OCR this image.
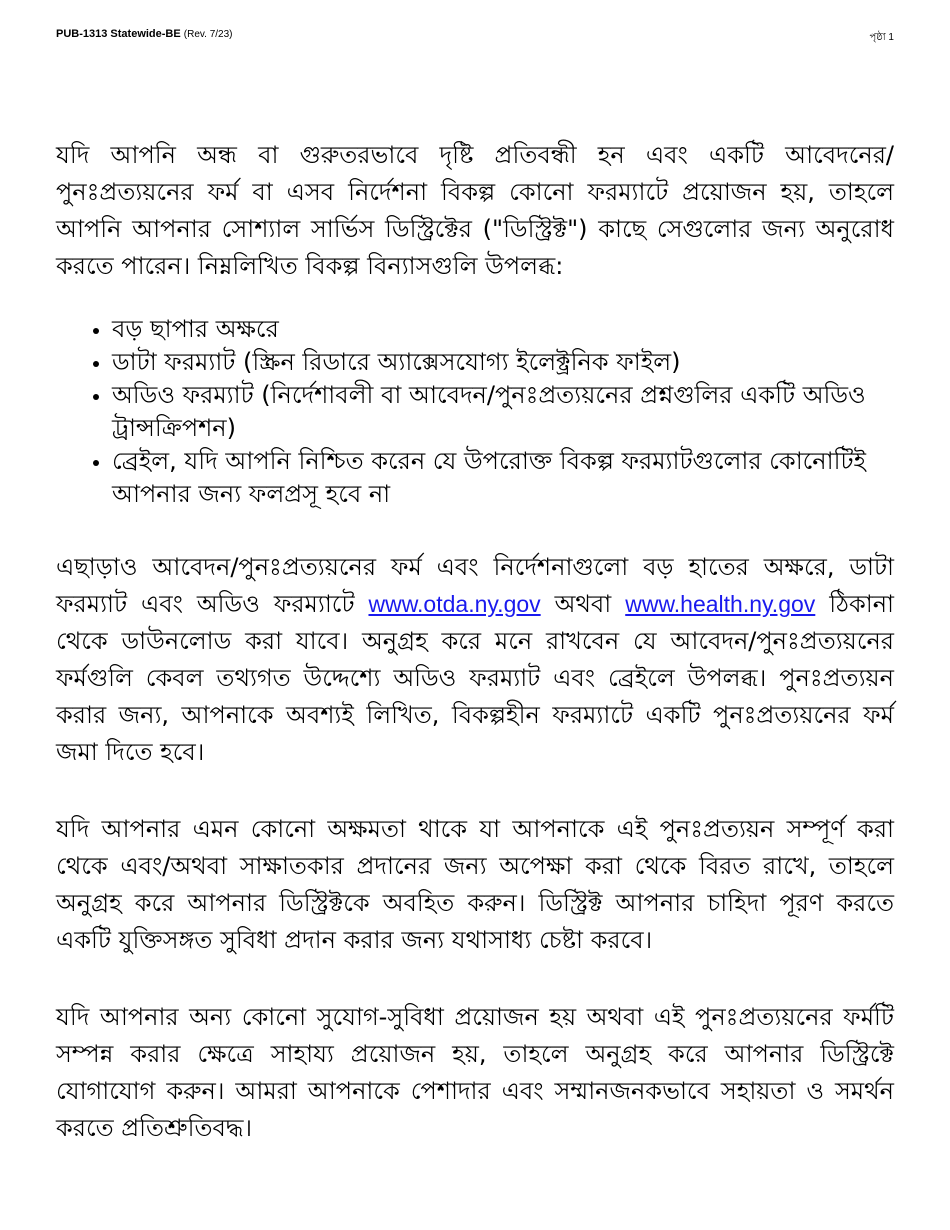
PUB-1313 Statewide-BE (Rev. 7/23)	পৃষ্ঠা 1

যদি আপনি অন্ধ বা গুরুতরভাবে দৃষ্টি প্রতিবন্ধী হন এবং একটি আবেদনের/পুনঃপ্রত্যয়নের ফর্ম বা এসব নির্দেশনা বিকল্প কোনো ফরম্যাটে প্রয়োজন হয়, তাহলে আপনি আপনার সোশ্যাল সার্ভিস ডিস্ট্রিক্টের ("ডিস্ট্রিক্ট") কাছে সেগুলোর জন্য অনুরোধ করতে পারেন। নিম্নলিখিত বিকল্প বিন্যাসগুলি উপলব্ধ:

• বড় ছাপার অক্ষরে
• ডাটা ফরম্যাট (স্ক্রিন রিডারে অ্যাক্সেসযোগ্য ইলেক্ট্রনিক ফাইল)
• অডিও ফরম্যাট (নির্দেশাবলী বা আবেদন/পুনঃপ্রত্যয়নের প্রশ্নগুলির একটি অডিও ট্রান্সক্রিপশন)
• ব্রেইল, যদি আপনি নিশ্চিত করেন যে উপরোক্ত বিকল্প ফরম্যাটগুলোর কোনোটিই আপনার জন্য ফলপ্রসূ হবে না

এছাড়াও আবেদন/পুনঃপ্রত্যয়নের ফর্ম এবং নির্দেশনাগুলো বড় হাতের অক্ষরে, ডাটা ফরম্যাট এবং অডিও ফরম্যাটে www.otda.ny.gov অথবা www.health.ny.gov ঠিকানা থেকে ডাউনলোড করা যাবে। অনুগ্রহ করে মনে রাখবেন যে আবেদন/পুনঃপ্রত্যয়নের ফর্মগুলি কেবল তথ্যগত উদ্দেশ্যে অডিও ফরম্যাট এবং ব্রেইলে উপলব্ধ। পুনঃপ্রত্যয়ন করার জন্য, আপনাকে অবশ্যই লিখিত, বিকল্পহীন ফরম্যাটে একটি পুনঃপ্রত্যয়নের ফর্ম জমা দিতে হবে।

যদি আপনার এমন কোনো অক্ষমতা থাকে যা আপনাকে এই পুনঃপ্রত্যয়ন সম্পূর্ণ করা থেকে এবং/অথবা সাক্ষাতকার প্রদানের জন্য অপেক্ষা করা থেকে বিরত রাখে, তাহলে অনুগ্রহ করে আপনার ডিস্ট্রিক্টকে অবহিত করুন। ডিস্ট্রিক্ট আপনার চাহিদা পূরণ করতে একটি যুক্তিসঙ্গত সুবিধা প্রদান করার জন্য যথাসাধ্য চেষ্টা করবে।

যদি আপনার অন্য কোনো সুযোগ-সুবিধা প্রয়োজন হয় অথবা এই পুনঃপ্রত্যয়নের ফর্মটি সম্পন্ন করার ক্ষেত্রে সাহায্য প্রয়োজন হয়, তাহলে অনুগ্রহ করে আপনার ডিস্ট্রিক্টে যোগাযোগ করুন। আমরা আপনাকে পেশাদার এবং সম্মানজনকভাবে সহায়তা ও সমর্থন করতে প্রতিশ্রুতিবদ্ধ।
